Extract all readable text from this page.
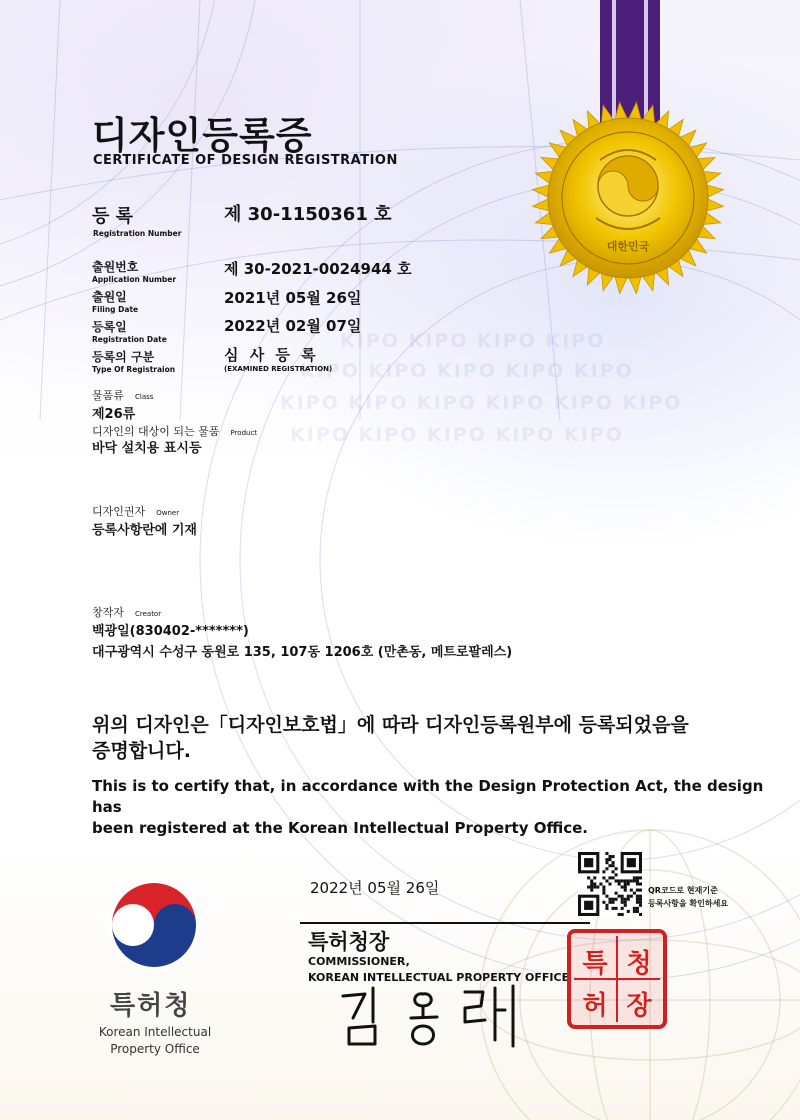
KIPO KIPO KIPO KIPO
KIPO KIPO KIPO KIPO KIPO
KIPO KIPO KIPO KIPO KIPO KIPO
KIPO KIPO KIPO KIPO KIPO
대한민국
디자인등록증
CERTIFICATE OF DESIGN REGISTRATION
등 록
Registration Number
제 30-1150361 호
출원번호
Application Number
제 30-2021-0024944 호
출원일
Filing Date
2021년 05월 26일
등록일
Registration Date
2022년 02월 07일
등록의 구분
Type Of Registraion
심 사 등 록
(EXAMINED REGISTRATION)
물품류 Class
제26류
디자인의 대상이 되는 물품 Product
바닥 설치용 표시등
디자인권자 Owner
등록사항란에 기재
창작자 Creator
백광일(830402-*******)
대구광역시 수성구 동원로 135, 107동 1206호 (만촌동, 메트로팔레스)
위의 디자인은「디자인보호법」에 따라 디자인등록원부에 등록되었음을
증명합니다.
This is to certify that, in accordance with the Design Protection Act, the design has
been registered at the Korean Intellectual Property Office.
2022년 05월 26일	QR코드로 현재기준
등록사항을 확인하세요
특허청
Korean Intellectual
Property Office
특허청장
COMMISSIONER,
KOREAN INTELLECTUAL PROPERTY OFFICE 특 청
허 장
